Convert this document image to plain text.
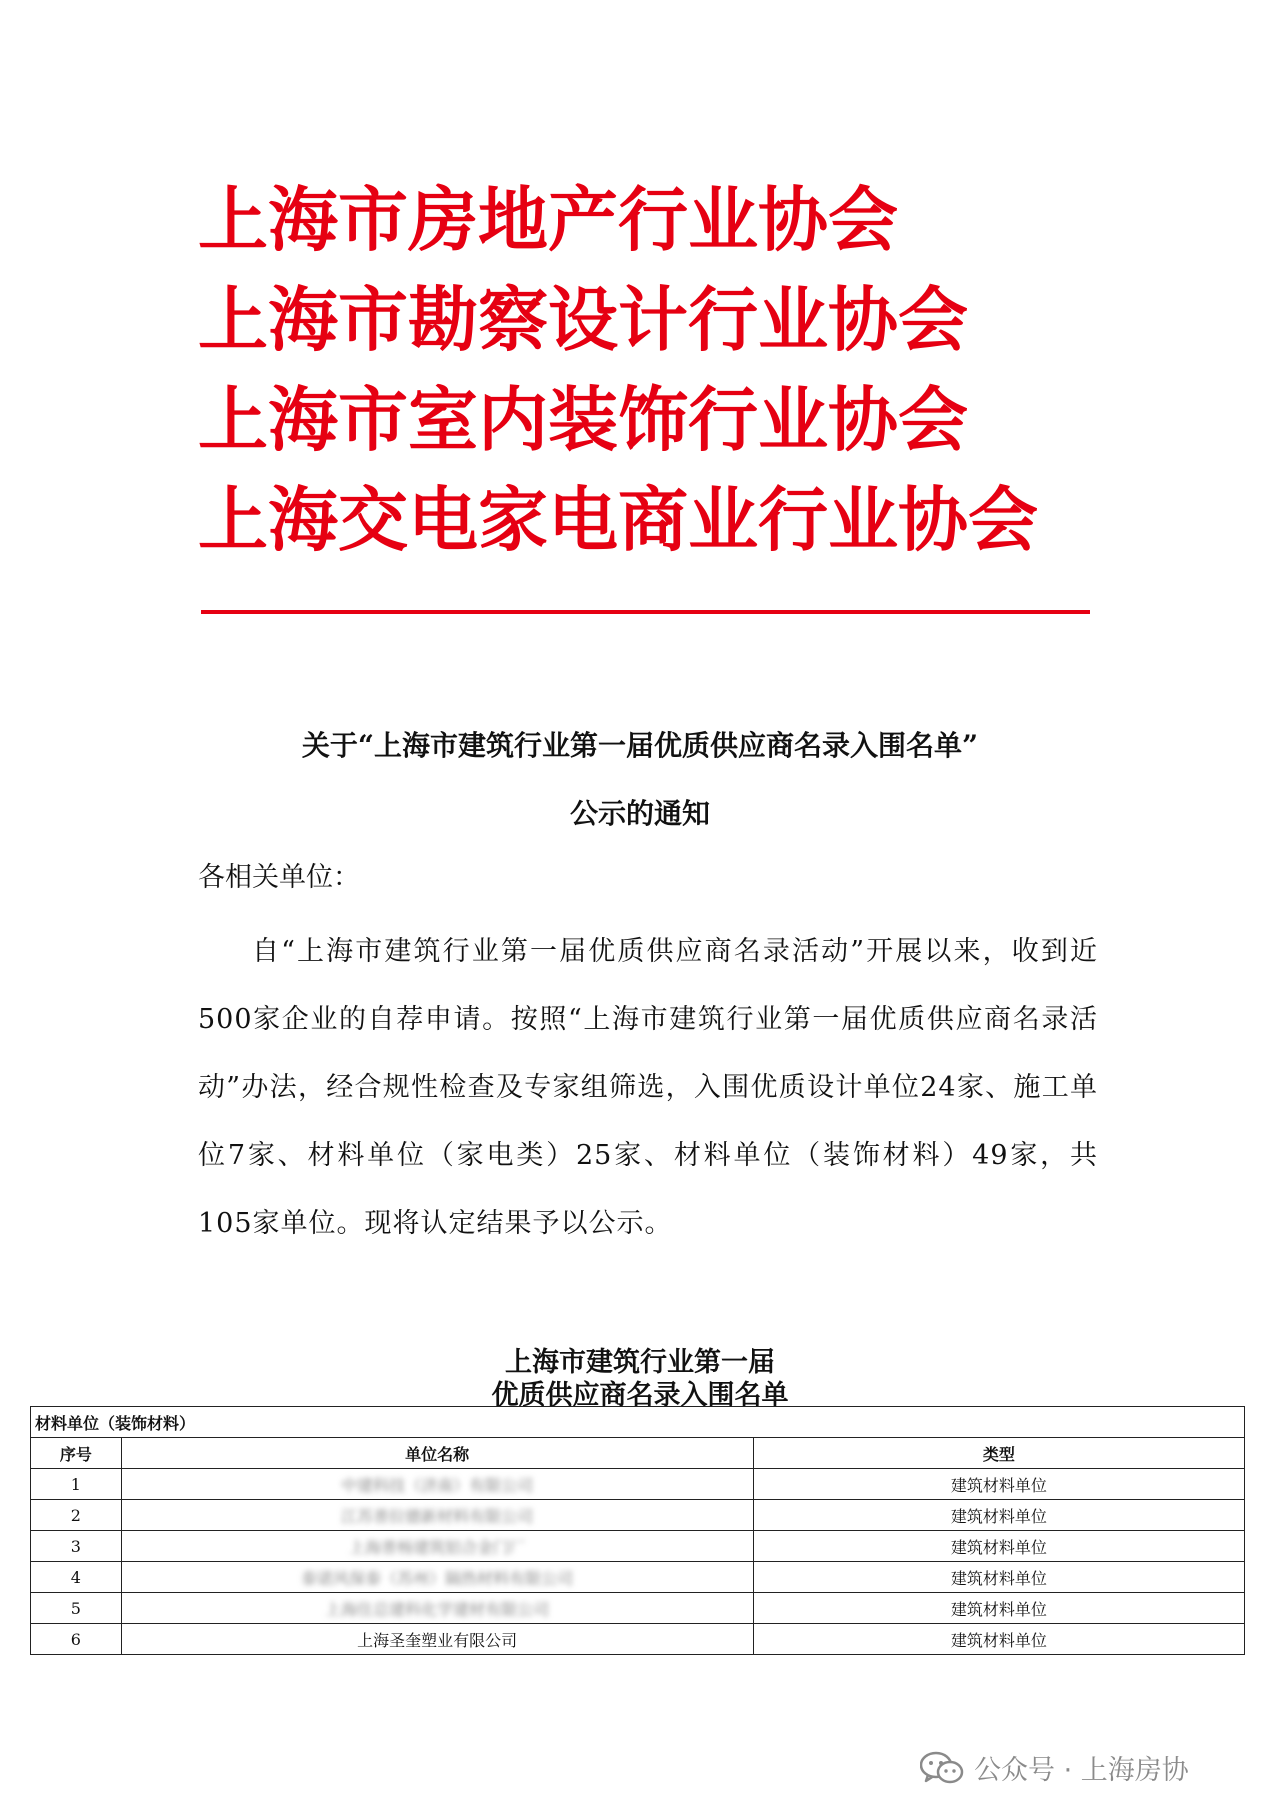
上海市房地产行业协会
上海市勘察设计行业协会
上海市室内装饰行业协会
上海交电家电商业行业协会
关于“上海市建筑行业第一届优质供应商名录入围名单”
公示的通知
各相关单位：
自“上海市建筑行业第一届优质供应商名录活动”开展以来，收到近500家企业的自荐申请。按照“上海市建筑行业第一届优质供应商名录活动”办法，经合规性检查及专家组筛选，入围优质设计单位24家、施工单位7家、材料单位（家电类）25家、材料单位（装饰材料）49家，共105家单位。现将认定结果予以公示。
上海市建筑行业第一届
优质供应商名录入围名单
材料单位（装饰材料）		
序号	单位名称	类型
1	中建科技（济南）有限公司	建筑材料单位
2	江苏普拉德新材料有限公司	建筑材料单位
3	上海普杨建筑铝合金门厂	建筑材料单位
4	泰诺风保泰（苏州）隔热材料有限公司	建筑材料单位
5	上海住总建科化学建材有限公司	建筑材料单位
6	上海圣奎塑业有限公司	建筑材料单位
公众号 · 上海房协
